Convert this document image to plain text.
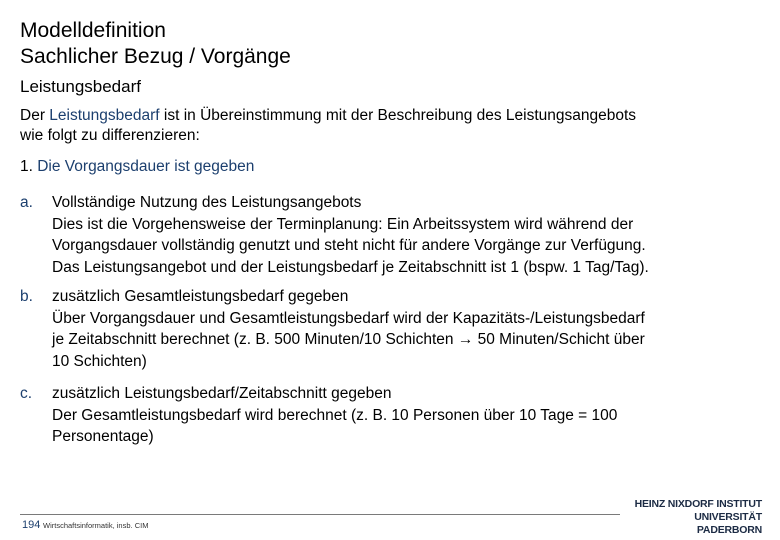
Modelldefinition
Sachlicher Bezug / Vorgänge
Leistungsbedarf
Der Leistungsbedarf ist in Übereinstimmung mit der Beschreibung des Leistungsangebots
wie folgt zu differenzieren:
1. Die Vorgangsdauer ist gegeben
a. Vollständige Nutzung des Leistungsangebots
Dies ist die Vorgehensweise der Terminplanung: Ein Arbeitssystem wird während der
Vorgangsdauer vollständig genutzt und steht nicht für andere Vorgänge zur Verfügung.
Das Leistungsangebot und der Leistungsbedarf je Zeitabschnitt ist 1 (bspw. 1 Tag/Tag).
b. zusätzlich Gesamtleistungsbedarf gegeben
Über Vorgangsdauer und Gesamtleistungsbedarf wird der Kapazitäts-/Leistungsbedarf
je Zeitabschnitt berechnet (z. B. 500 Minuten/10 Schichten → 50 Minuten/Schicht über
10 Schichten)
c. zusätzlich Leistungsbedarf/Zeitabschnitt gegeben
Der Gesamtleistungsbedarf wird berechnet (z. B. 10 Personen über 10 Tage = 100
Personentage)
194 Wirtschaftsinformatik, insb. CIM
HEINZ NIXDORF INSTITUT
UNIVERSITÄT PADERBORN
